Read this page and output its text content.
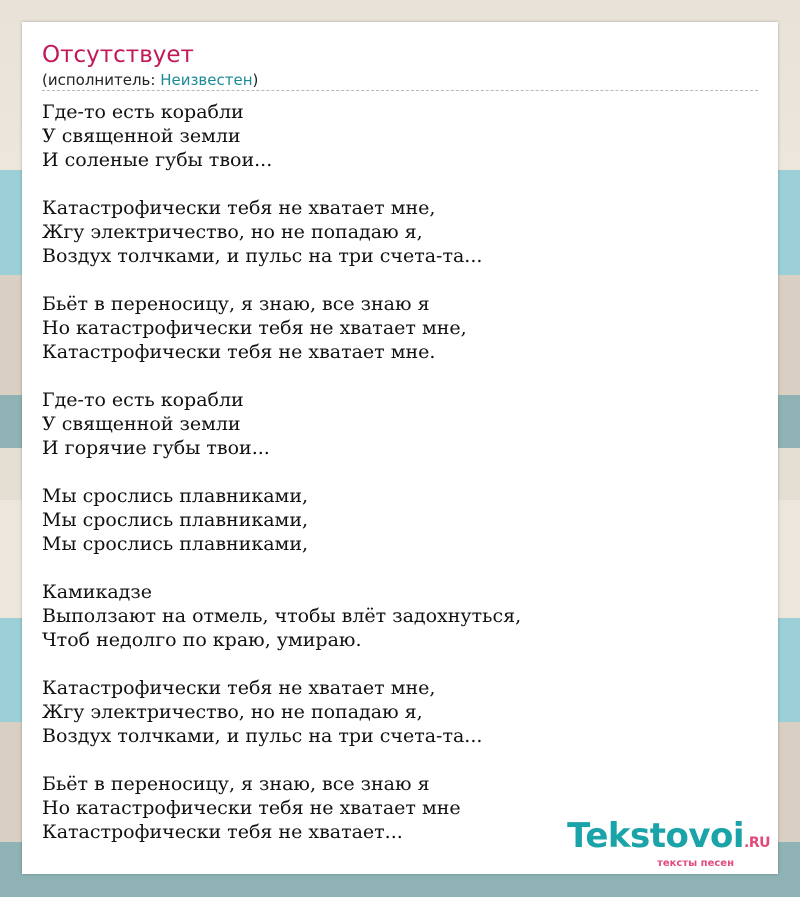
Отсутствует
(исполнитель: Неизвестен)
Где-то есть корабли
У священной земли
И соленые губы твои...
Катастрофически тебя не хватает мне,
Жгу электричество, но не попадаю я,
Воздух толчками, и пульс на три счета-та...
Бьёт в переносицу, я знаю, все знаю я
Но катастрофически тебя не хватает мне,
Катастрофически тебя не хватает мне.
Где-то есть корабли
У священной земли
И горячие губы твои...
Мы срослись плавниками,
Мы срослись плавниками,
Мы срослись плавниками,
Камикадзе
Выползают на отмель, чтобы влёт задохнуться,
Чтоб недолго по краю, умираю.
Катастрофически тебя не хватает мне,
Жгу электричество, но не попадаю я,
Воздух толчками, и пульс на три счета-та...
Бьёт в переносицу, я знаю, все знаю я
Но катастрофически тебя не хватает мне
Катастрофически тебя не хватает...	Tekstovoi.RU
тексты песен
